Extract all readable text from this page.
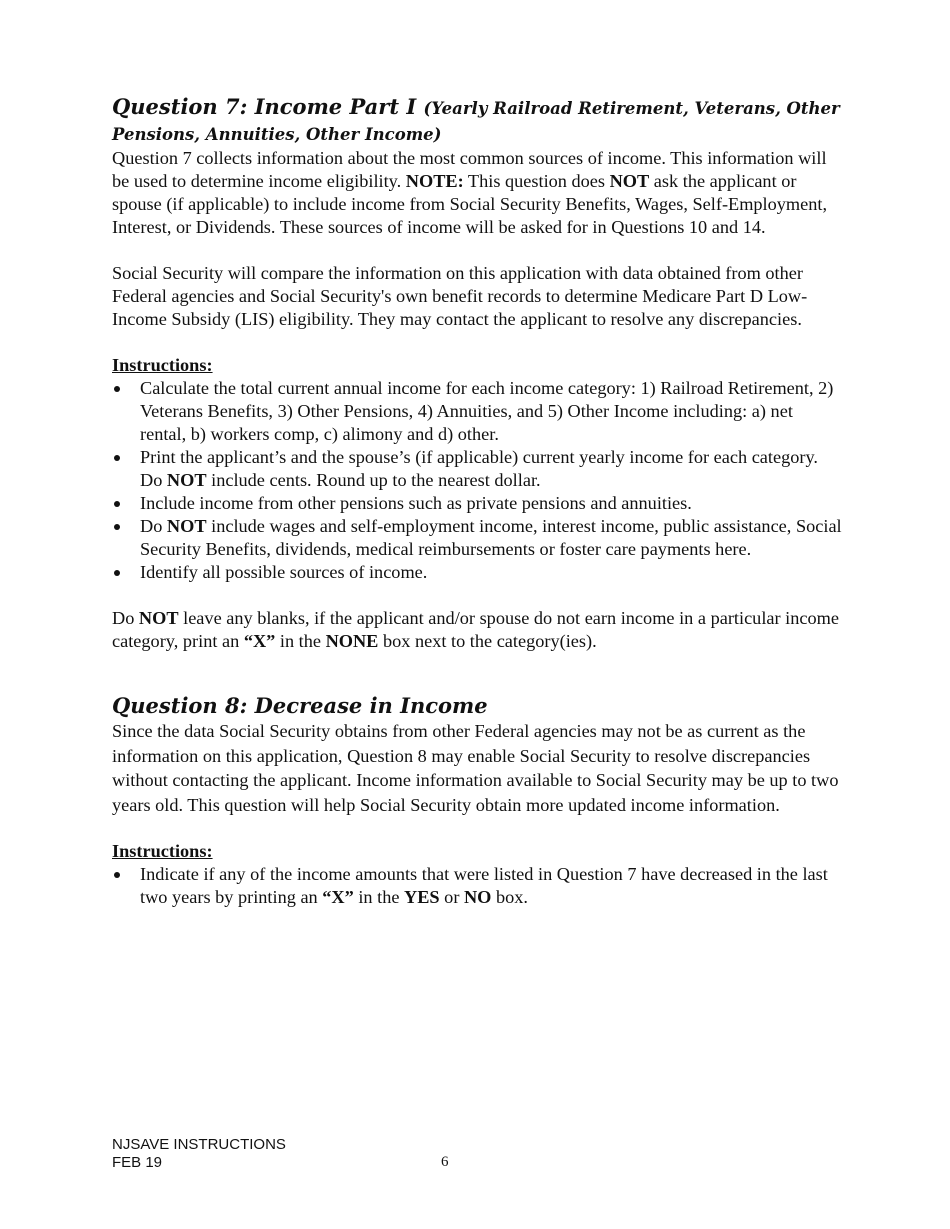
Question 7: Income Part I (Yearly Railroad Retirement, Veterans, Other Pensions, Annuities, Other Income)

Question 7 collects information about the most common sources of income. This information will be used to determine income eligibility. NOTE: This question does NOT ask the applicant or spouse (if applicable) to include income from Social Security Benefits, Wages, Self-Employment, Interest, or Dividends. These sources of income will be asked for in Questions 10 and 14.

Social Security will compare the information on this application with data obtained from other Federal agencies and Social Security's own benefit records to determine Medicare Part D Low-Income Subsidy (LIS) eligibility. They may contact the applicant to resolve any discrepancies.

Instructions:
Calculate the total current annual income for each income category: 1) Railroad Retirement, 2) Veterans Benefits, 3) Other Pensions, 4) Annuities, and 5) Other Income including: a) net rental, b) workers comp, c) alimony and d) other.
Print the applicant’s and the spouse’s (if applicable) current yearly income for each category. Do NOT include cents. Round up to the nearest dollar.
Include income from other pensions such as private pensions and annuities.
Do NOT include wages and self-employment income, interest income, public assistance, Social Security Benefits, dividends, medical reimbursements or foster care payments here.
Identify all possible sources of income.

Do NOT leave any blanks, if the applicant and/or spouse do not earn income in a particular income category, print an “X” in the NONE box next to the category(ies).

Question 8: Decrease in Income

Since the data Social Security obtains from other Federal agencies may not be as current as the information on this application, Question 8 may enable Social Security to resolve discrepancies without contacting the applicant. Income information available to Social Security may be up to two years old. This question will help Social Security obtain more updated income information.

Instructions:
Indicate if any of the income amounts that were listed in Question 7 have decreased in the last two years by printing an “X” in the YES or NO box.
NJSAVE INSTRUCTIONS
FEB 19	6
